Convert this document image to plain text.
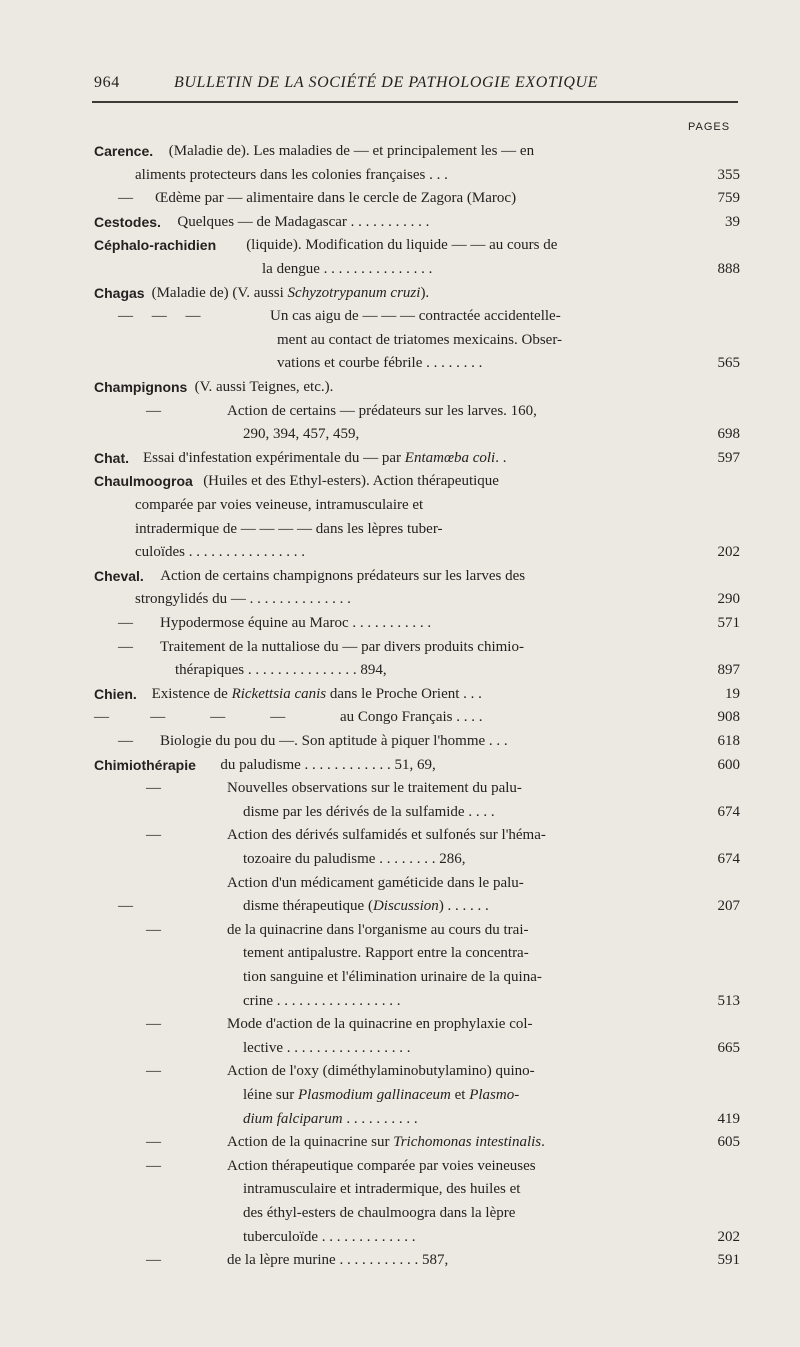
964	BULLETIN DE LA SOCIÉTÉ DE PATHOLOGIE EXOTIQUE
PAGES
Carence. (Maladie de). Les maladies de — et principalement les — en
aliments protecteurs dans les colonies françaises . . .	355
— Œdème par — alimentaire dans le cercle de Zagora (Maroc)	759
Cestodes. Quelques — de Madagascar . . . . . . . . . . .	39
Céphalo-rachidien (liquide). Modification du liquide — — au cours de
la dengue . . . . . . . . . . . . . . .	888
Chagas (Maladie de) (V. aussi Schyzotrypanum cruzi).
—     —     —	Un cas aigu de — — — contractée accidentelle-
ment au contact de triatomes mexicains. Obser-
vations et courbe fébrile . . . . . . . .	565
Champignons (V. aussi Teignes, etc.).
—	Action de certains — prédateurs sur les larves. 160,
290, 394, 457, 459,	698
Chat. Essai d'infestation expérimentale du — par Entamœba coli. .	597
Chaulmoogroa (Huiles et des Ethyl-esters). Action thérapeutique
comparée par voies veineuse, intramusculaire et
intradermique de — — — — dans les lèpres tuber-
culoïdes . . . . . . . . . . . . . . . .	202
Cheval. Action de certains champignons prédateurs sur les larves des
strongylidés du — . . . . . . . . . . . . . .	290
— Hypodermose équine au Maroc . . . . . . . . . . .	571
— Traitement de la nuttaliose du — par divers produits chimio-
thérapiques . . . . . . . . . . . . . . . 894,	897
Chien. Existence de Rickettsia canis dans le Proche Orient . . .	19
—           —            —            —	au Congo Français . . . .	908
— Biologie du pou du —. Son aptitude à piquer l'homme . . .	618
Chimiothérapie du paludisme . . . . . . . . . . . . 51, 69,	600
—	Nouvelles observations sur le traitement du palu-
disme par les dérivés de la sulfamide . . . .	674
—	Action des dérivés sulfamidés et sulfonés sur l'héma-
tozoaire du paludisme . . . . . . . . 286,	674
Action d'un médicament gaméticide dans le palu-
—	disme thérapeutique (Discussion) . . . . . .	207
—	de la quinacrine dans l'organisme au cours du trai-
tement antipalustre. Rapport entre la concentra-
tion sanguine et l'élimination urinaire de la quina-
crine . . . . . . . . . . . . . . . . .	513
—	Mode d'action de la quinacrine en prophylaxie col-
lective . . . . . . . . . . . . . . . . .	665
—	Action de l'oxy (diméthylaminobutylamino) quino-
léine sur Plasmodium gallinaceum et Plasmo-
dium falciparum . . . . . . . . . .	419
—	Action de la quinacrine sur Trichomonas intestinalis.	605
—	Action thérapeutique comparée par voies veineuses
intramusculaire et intradermique, des huiles et
des éthyl-esters de chaulmoogra dans la lèpre
tuberculoïde . . . . . . . . . . . . .	202
—	de la lèpre murine . . . . . . . . . . . 587,	591
